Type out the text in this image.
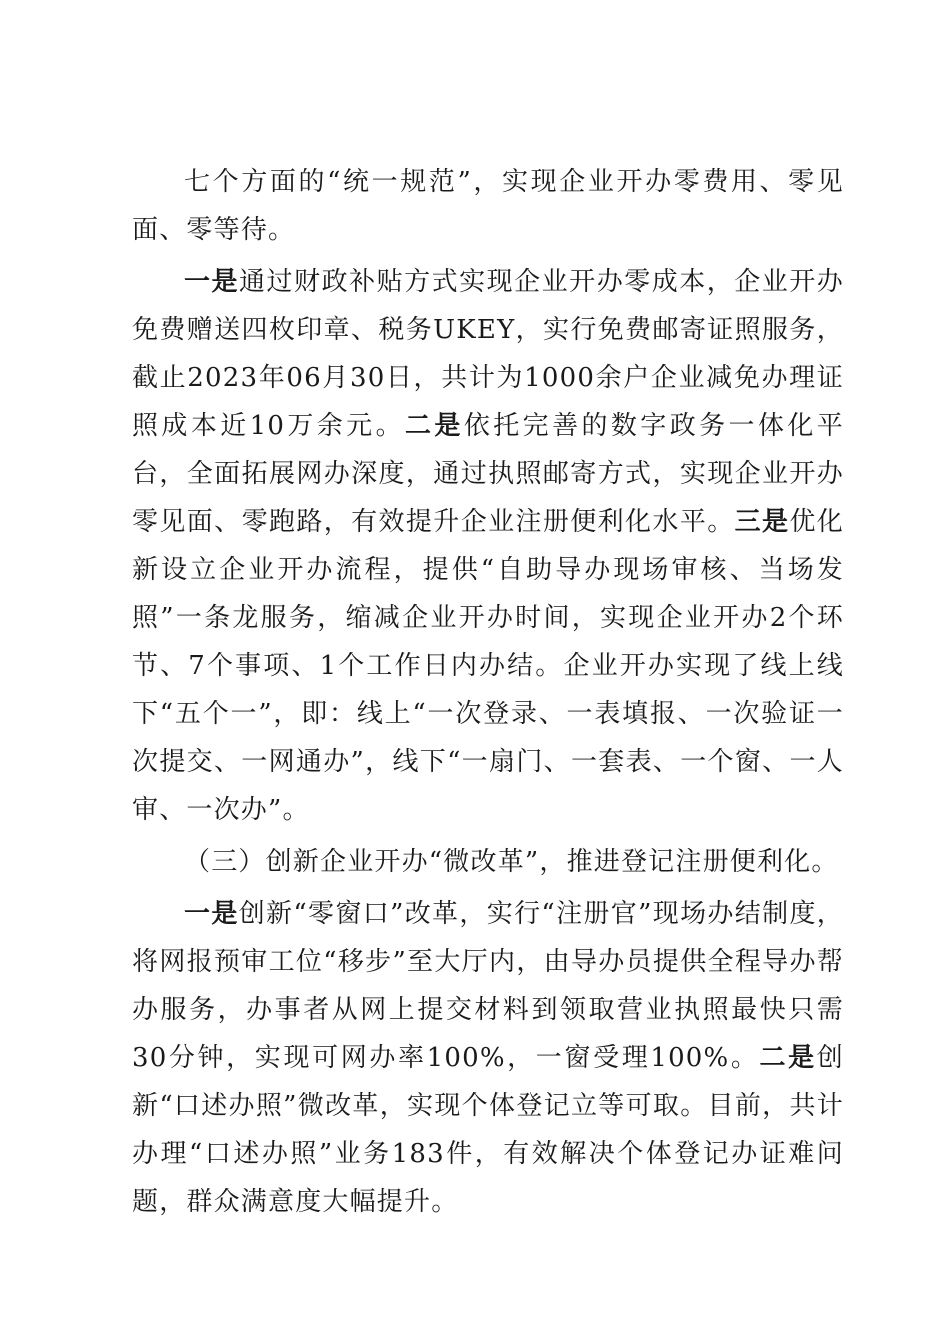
七个方面的“统一规范”，实现企业开办零费用、零见面、零等待。

一是通过财政补贴方式实现企业开办零成本，企业开办免费赠送四枚印章、税务UKEY，实行免费邮寄证照服务，截止2023年06月30日，共计为1000余户企业减免办理证照成本近10万余元。二是依托完善的数字政务一体化平台，全面拓展网办深度，通过执照邮寄方式，实现企业开办零见面、零跑路，有效提升企业注册便利化水平。三是优化新设立企业开办流程，提供“自助导办现场审核、当场发照”一条龙服务，缩减企业开办时间，实现企业开办2个环节、7个事项、1个工作日内办结。企业开办实现了线上线下“五个一”，即：线上“一次登录、一表填报、一次验证一次提交、一网通办”，线下“一扇门、一套表、一个窗、一人审、一次办”。

（三）创新企业开办“微改革”，推进登记注册便利化。

一是创新“零窗口”改革，实行“注册官”现场办结制度，将网报预审工位“移步”至大厅内，由导办员提供全程导办帮办服务，办事者从网上提交材料到领取营业执照最快只需30分钟，实现可网办率100%，一窗受理100%。二是创新“口述办照”微改革，实现个体登记立等可取。目前，共计办理“口述办照”业务183件，有效解决个体登记办证难问题，群众满意度大幅提升。
